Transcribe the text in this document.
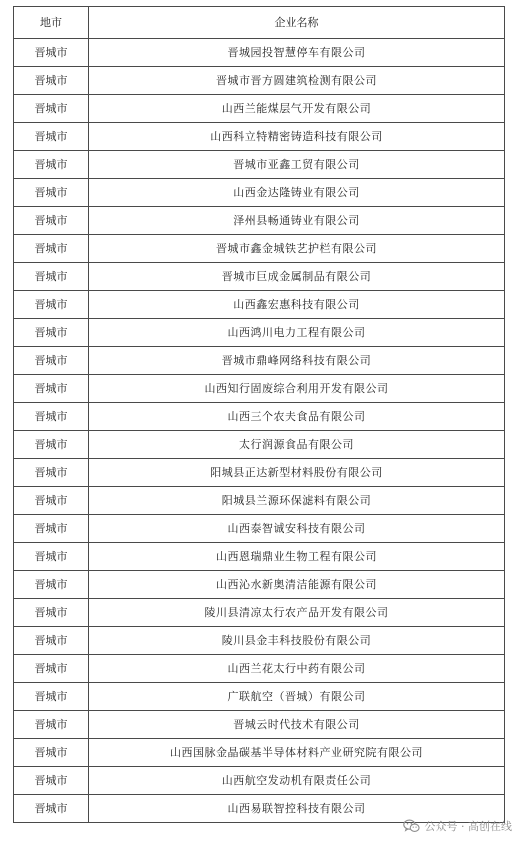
地市	企业名称
晋城市	晋城园投智慧停车有限公司
晋城市	晋城市晋方圆建筑检测有限公司
晋城市	山西兰能煤层气开发有限公司
晋城市	山西科立特精密铸造科技有限公司
晋城市	晋城市亚鑫工贸有限公司
晋城市	山西金达隆铸业有限公司
晋城市	泽州县畅通铸业有限公司
晋城市	晋城市鑫金城铁艺护栏有限公司
晋城市	晋城市巨成金属制品有限公司
晋城市	山西鑫宏惠科技有限公司
晋城市	山西鸿川电力工程有限公司
晋城市	晋城市鼎峰网络科技有限公司
晋城市	山西知行固废综合利用开发有限公司
晋城市	山西三个农夫食品有限公司
晋城市	太行润源食品有限公司
晋城市	阳城县正达新型材料股份有限公司
晋城市	阳城县兰源环保滤料有限公司
晋城市	山西泰智诚安科技有限公司
晋城市	山西恩瑞鼎业生物工程有限公司
晋城市	山西沁水新奥清洁能源有限公司
晋城市	陵川县清凉太行农产品开发有限公司
晋城市	陵川县金丰科技股份有限公司
晋城市	山西兰花太行中药有限公司
晋城市	广联航空（晋城）有限公司
晋城市	晋城云时代技术有限公司
晋城市	山西国脉金晶碳基半导体材料产业研究院有限公司
晋城市	山西航空发动机有限责任公司
晋城市	山西易联智控科技有限公司
公众号 · 高创在线
